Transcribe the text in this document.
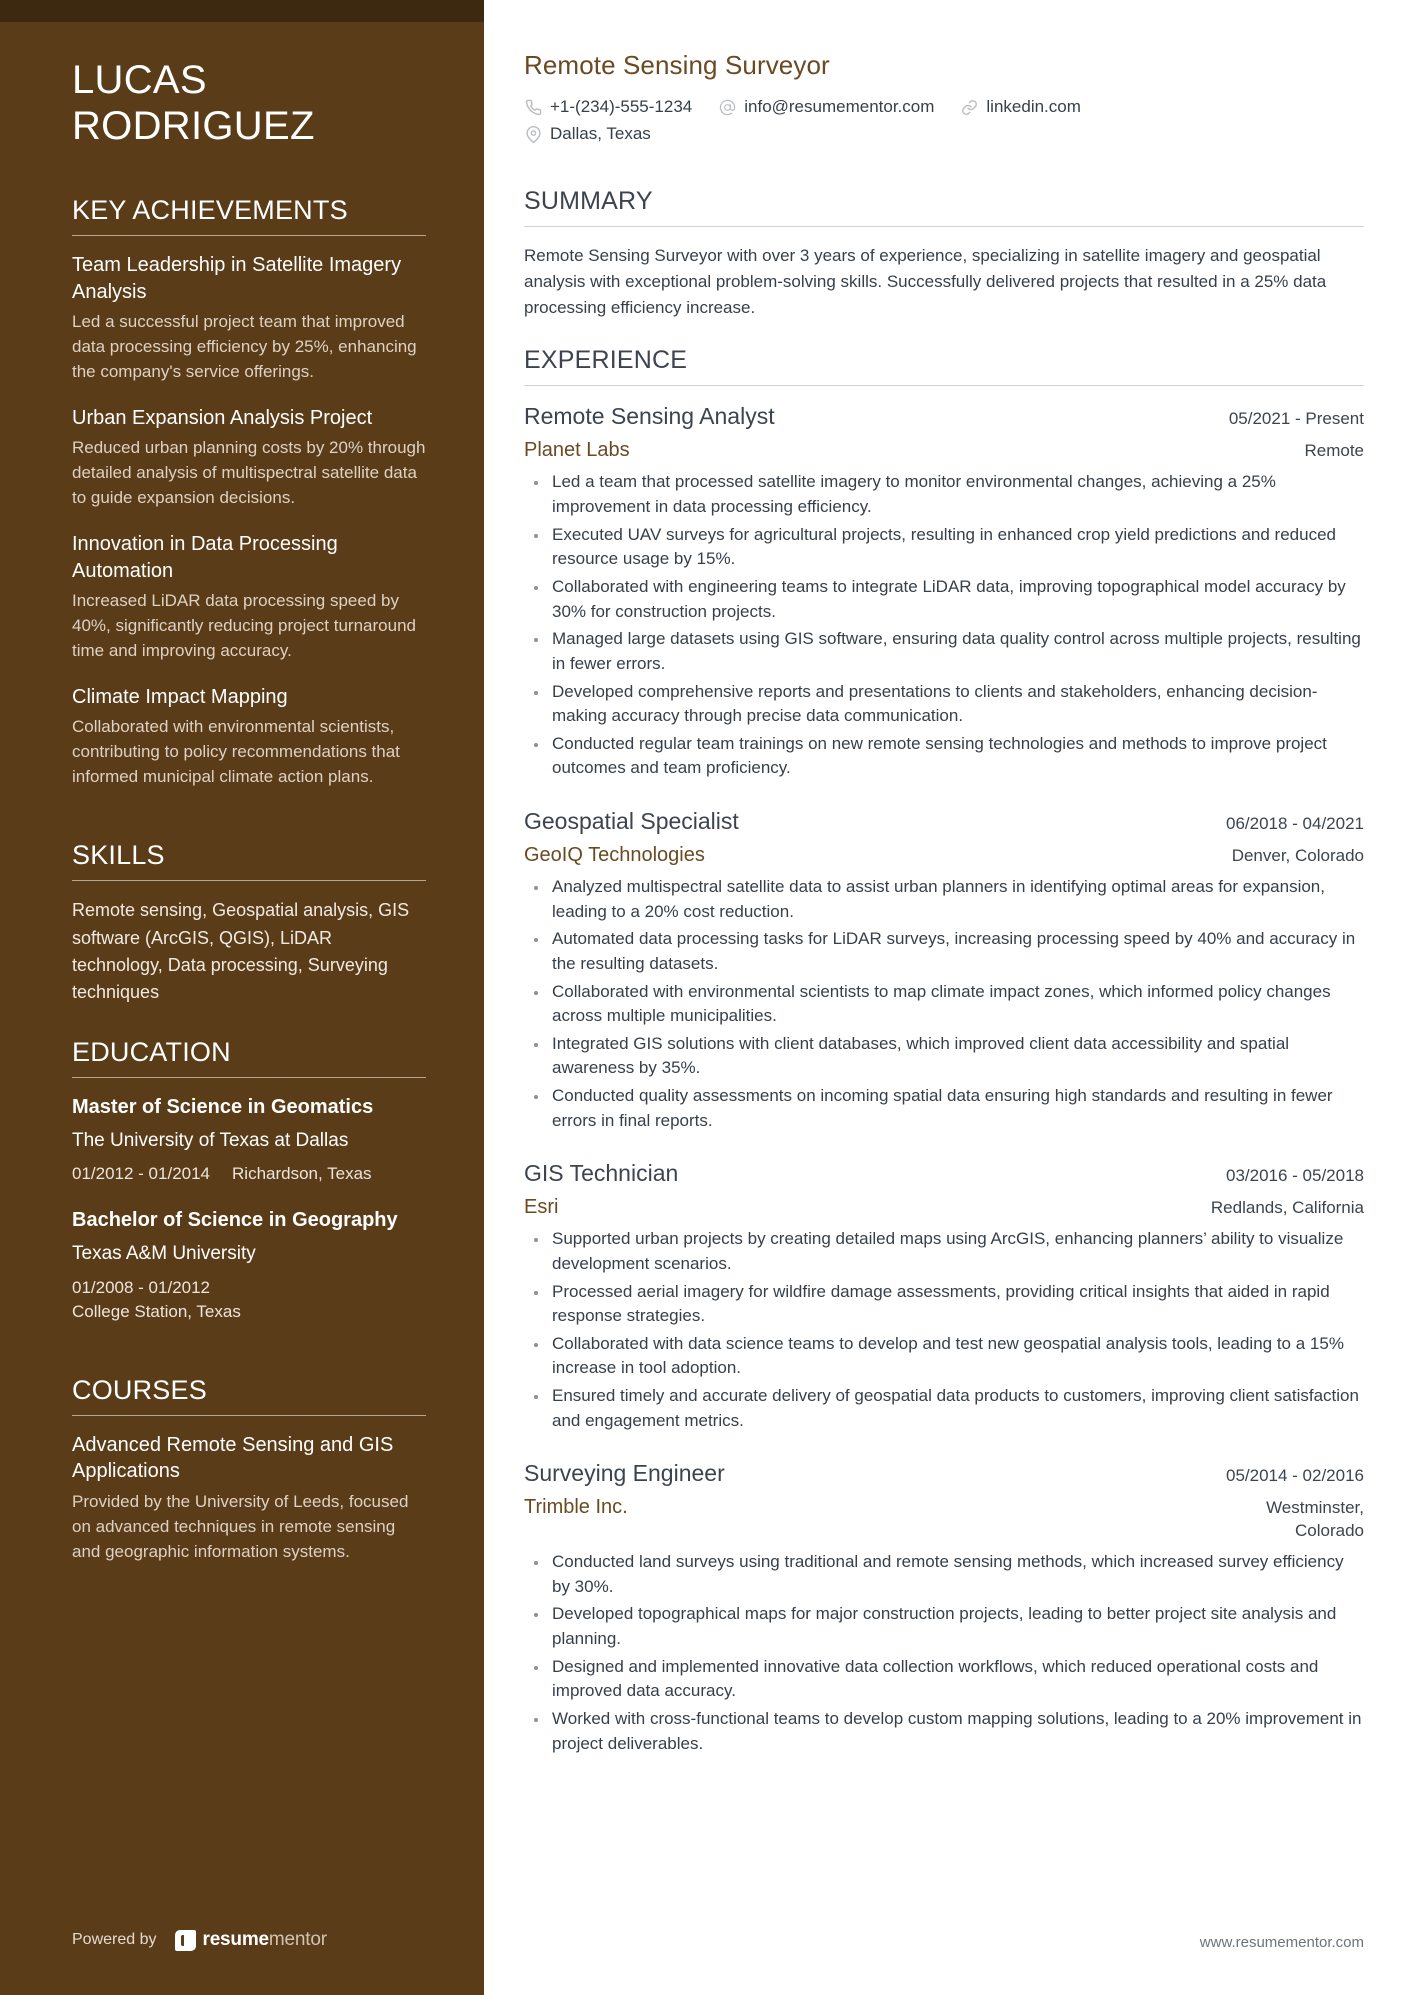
LUCAS
RODRIGUEZ
KEY ACHIEVEMENTS
Team Leadership in Satellite Imagery Analysis
Led a successful project team that improved data processing efficiency by 25%, enhancing the company's service offerings.
Urban Expansion Analysis Project
Reduced urban planning costs by 20% through detailed analysis of multispectral satellite data to guide expansion decisions.
Innovation in Data Processing Automation
Increased LiDAR data processing speed by 40%, significantly reducing project turnaround time and improving accuracy.
Climate Impact Mapping
Collaborated with environmental scientists, contributing to policy recommendations that informed municipal climate action plans.
SKILLS
Remote sensing, Geospatial analysis, GIS software (ArcGIS, QGIS), LiDAR technology, Data processing, Surveying techniques
EDUCATION
Master of Science in Geomatics
The University of Texas at Dallas
01/2012 - 01/2014 Richardson, Texas
Bachelor of Science in Geography
Texas A&M University
01/2008 - 01/2012
College Station, Texas
COURSES
Advanced Remote Sensing and GIS Applications
Provided by the University of Leeds, focused on advanced techniques in remote sensing and geographic information systems.
Powered by resumementor
Remote Sensing Surveyor
+1-(234)-555-1234	info@resumementor.com	linkedin.com
Dallas, Texas
SUMMARY

Remote Sensing Surveyor with over 3 years of experience, specializing in satellite imagery and geospatial analysis with exceptional problem-solving skills. Successfully delivered projects that resulted in a 25% data processing efficiency increase.

EXPERIENCE
Remote Sensing Analyst	05/2021 - Present
Planet Labs	Remote
Led a team that processed satellite imagery to monitor environmental changes, achieving a 25% improvement in data processing efficiency.
Executed UAV surveys for agricultural projects, resulting in enhanced crop yield predictions and reduced resource usage by 15%.
Collaborated with engineering teams to integrate LiDAR data, improving topographical model accuracy by 30% for construction projects.
Managed large datasets using GIS software, ensuring data quality control across multiple projects, resulting in fewer errors.
Developed comprehensive reports and presentations to clients and stakeholders, enhancing decision-making accuracy through precise data communication.
Conducted regular team trainings on new remote sensing technologies and methods to improve project outcomes and team proficiency.
Geospatial Specialist	06/2018 - 04/2021
GeoIQ Technologies	Denver, Colorado
Analyzed multispectral satellite data to assist urban planners in identifying optimal areas for expansion, leading to a 20% cost reduction.
Automated data processing tasks for LiDAR surveys, increasing processing speed by 40% and accuracy in the resulting datasets.
Collaborated with environmental scientists to map climate impact zones, which informed policy changes across multiple municipalities.
Integrated GIS solutions with client databases, which improved client data accessibility and spatial awareness by 35%.
Conducted quality assessments on incoming spatial data ensuring high standards and resulting in fewer errors in final reports.
GIS Technician	03/2016 - 05/2018
Esri	Redlands, California
Supported urban projects by creating detailed maps using ArcGIS, enhancing planners’ ability to visualize development scenarios.
Processed aerial imagery for wildfire damage assessments, providing critical insights that aided in rapid response strategies.
Collaborated with data science teams to develop and test new geospatial analysis tools, leading to a 15% increase in tool adoption.
Ensured timely and accurate delivery of geospatial data products to customers, improving client satisfaction and engagement metrics.
Surveying Engineer	05/2014 - 02/2016
Trimble Inc.	Westminster, Colorado
Conducted land surveys using traditional and remote sensing methods, which increased survey efficiency by 30%.
Developed topographical maps for major construction projects, leading to better project site analysis and planning.
Designed and implemented innovative data collection workflows, which reduced operational costs and improved data accuracy.
Worked with cross-functional teams to develop custom mapping solutions, leading to a 20% improvement in project deliverables.
www.resumementor.com
